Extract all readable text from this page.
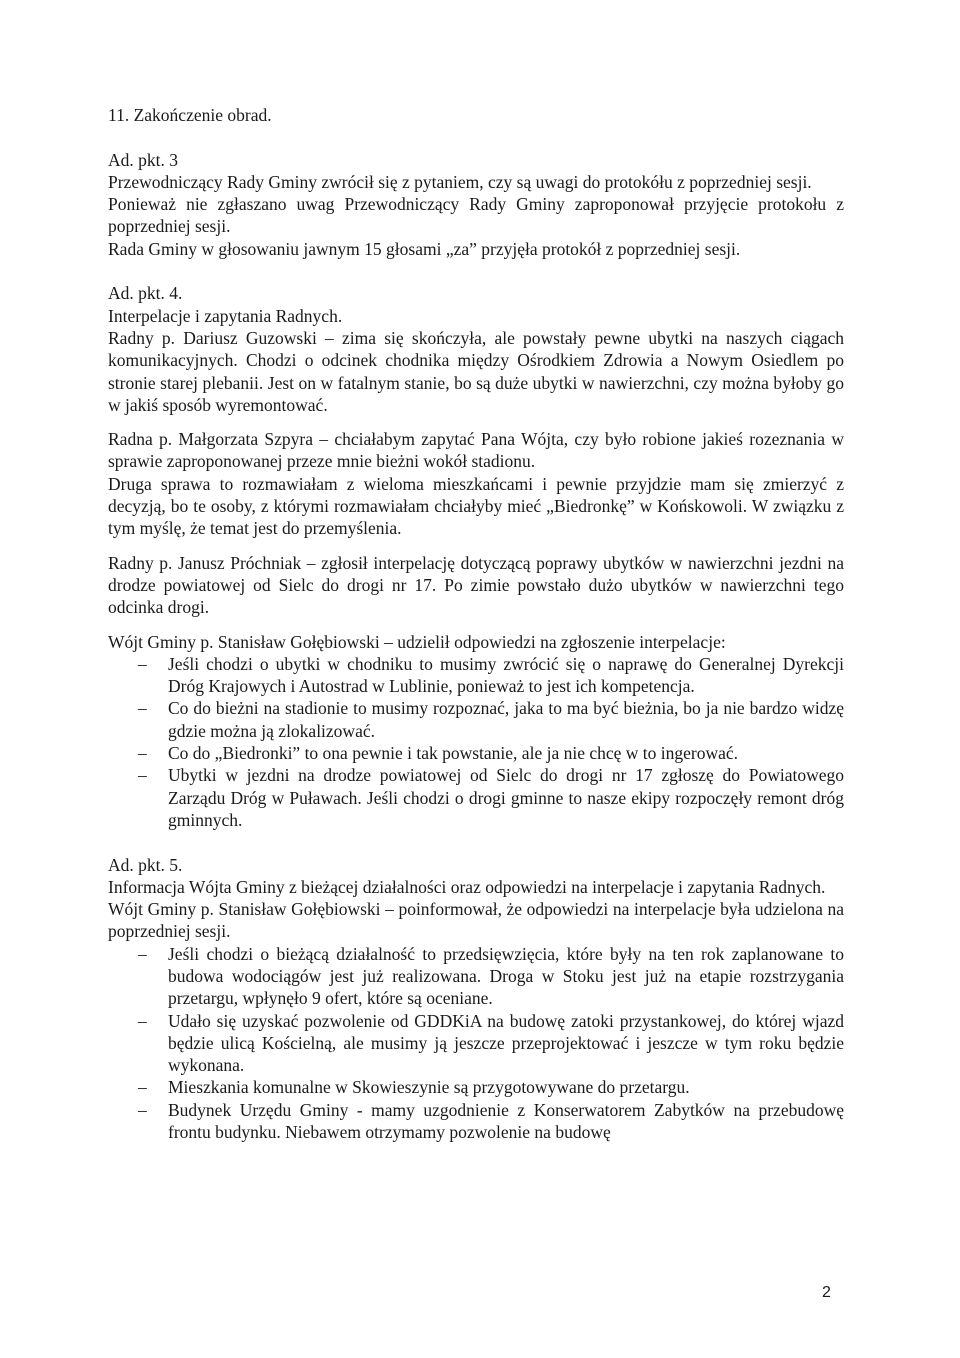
11. Zakończenie obrad.

Ad. pkt. 3

Przewodniczący Rady Gminy zwrócił się z pytaniem, czy są uwagi do protokółu z poprzedniej sesji.

Ponieważ nie zgłaszano uwag Przewodniczący Rady Gminy zaproponował przyjęcie protokołu z poprzedniej sesji.

Rada Gminy w głosowaniu jawnym 15 głosami „za” przyjęła protokół z poprzedniej sesji.

Ad. pkt. 4.

Interpelacje i zapytania Radnych.

Radny p. Dariusz Guzowski – zima się skończyła, ale powstały pewne ubytki na naszych ciągach komunikacyjnych. Chodzi o odcinek chodnika między Ośrodkiem Zdrowia a Nowym Osiedlem po stronie starej plebanii. Jest on w fatalnym stanie, bo są duże ubytki w nawierzchni, czy można byłoby go w jakiś sposób wyremontować.

Radna p. Małgorzata Szpyra – chciałabym zapytać Pana Wójta, czy było robione jakieś rozeznania w sprawie zaproponowanej przeze mnie bieżni wokół stadionu.

Druga sprawa to rozmawiałam z wieloma mieszkańcami i pewnie przyjdzie mam się zmierzyć z decyzją, bo te osoby, z którymi rozmawiałam chciałyby mieć „Biedronkę” w Końskowoli. W związku z tym myślę, że temat jest do przemyślenia.

Radny p. Janusz Próchniak – zgłosił interpelację dotyczącą poprawy ubytków w nawierzchni jezdni na drodze powiatowej od Sielc do drogi nr 17. Po zimie powstało dużo ubytków w nawierzchni tego odcinka drogi.

Wójt Gminy p. Stanisław Gołębiowski – udzielił odpowiedzi na zgłoszenie interpelacje:

– Jeśli chodzi o ubytki w chodniku to musimy zwrócić się o naprawę do Generalnej Dyrekcji Dróg Krajowych i Autostrad w Lublinie, ponieważ to jest ich kompetencja.
– Co do bieżni na stadionie to musimy rozpoznać, jaka to ma być bieżnia, bo ja nie bardzo widzę gdzie można ją zlokalizować.
– Co do „Biedronki” to ona pewnie i tak powstanie, ale ja nie chcę w to ingerować.
– Ubytki w jezdni na drodze powiatowej od Sielc do drogi nr 17 zgłoszę do Powiatowego Zarządu Dróg w Puławach. Jeśli chodzi o drogi gminne to nasze ekipy rozpoczęły remont dróg gminnych.

Ad. pkt. 5.

Informacja Wójta Gminy z bieżącej działalności oraz odpowiedzi na interpelacje i zapytania Radnych.

Wójt Gminy p. Stanisław Gołębiowski – poinformował, że odpowiedzi na interpelacje była udzielona na poprzedniej sesji.

– Jeśli chodzi o bieżącą działalność to przedsięwzięcia, które były na ten rok zaplanowane to budowa wodociągów jest już realizowana. Droga w Stoku jest już na etapie rozstrzygania przetargu, wpłynęło 9 ofert, które są oceniane.
– Udało się uzyskać pozwolenie od GDDKiA na budowę zatoki przystankowej, do której wjazd będzie ulicą Kościelną, ale musimy ją jeszcze przeprojektować i jeszcze w tym roku będzie wykonana.
– Mieszkania komunalne w Skowieszynie są przygotowywane do przetargu.
– Budynek Urzędu Gminy - mamy uzgodnienie z Konserwatorem Zabytków na przebudowę frontu budynku. Niebawem otrzymamy pozwolenie na budowę
2
